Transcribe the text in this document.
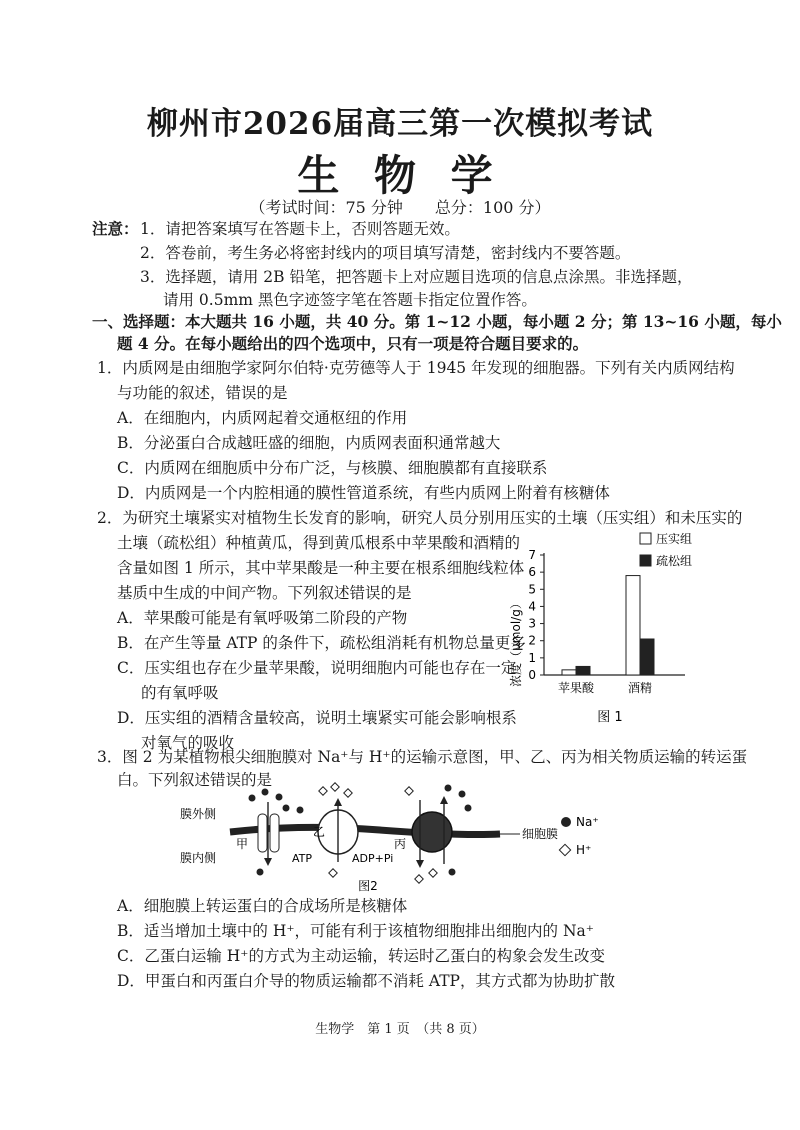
柳州市2026届高三第一次模拟考试
生 物 学
（考试时间：75 分钟　　总分：100 分）
注意： 1．请把答案填写在答题卡上，否则答题无效。
2．答卷前，考生务必将密封线内的项目填写清楚，密封线内不要答题。
3．选择题，请用 2B 铅笔，把答题卡上对应题目选项的信息点涂黑。非选择题，
请用 0.5mm 黑色字迹签字笔在答题卡指定位置作答。
一、选择题：本大题共 16 小题，共 40 分。第 1~12 小题，每小题 2 分；第 13~16 小题，每小
题 4 分。在每小题给出的四个选项中，只有一项是符合题目要求的。
1．内质网是由细胞学家阿尔伯特·克劳德等人于 1945 年发现的细胞器。下列有关内质网结构
与功能的叙述，错误的是
A．在细胞内，内质网起着交通枢纽的作用
B．分泌蛋白合成越旺盛的细胞，内质网表面积通常越大
C．内质网在细胞质中分布广泛，与核膜、细胞膜都有直接联系
D．内质网是一个内腔相通的膜性管道系统，有些内质网上附着有核糖体
2．为研究土壤紧实对植物生长发育的影响，研究人员分别用压实的土壤（压实组）和未压实的
土壤（疏松组）种植黄瓜，得到黄瓜根系中苹果酸和酒精的
含量如图 1 所示，其中苹果酸是一种主要在根系细胞线粒体
基质中生成的中间产物。下列叙述错误的是
A．苹果酸可能是有氧呼吸第二阶段的产物
B．在产生等量 ATP 的条件下，疏松组消耗有机物总量更多
C．压实组也存在少量苹果酸，说明细胞内可能也存在一定
的有氧呼吸
D．压实组的酒精含量较高，说明土壤紧实可能会影响根系
对氧气的吸收
浓度（μmol/g） 0
1
2
3
4
5
6
7
苹果酸	酒精
压实组
疏松组
图 1
3．图 2 为某植物根尖细胞膜对 Na⁺与 H⁺的运输示意图，甲、乙、丙为相关物质运输的转运蛋
白。下列叙述错误的是
膜外侧
膜内侧
细胞膜
甲
乙
ATP	ADP+Pi
丙
Na⁺
H⁺
图2
A．细胞膜上转运蛋白的合成场所是核糖体
B．适当增加土壤中的 H⁺，可能有利于该植物细胞排出细胞内的 Na⁺
C．乙蛋白运输 H⁺的方式为主动运输，转运时乙蛋白的构象会发生改变
D．甲蛋白和丙蛋白介导的物质运输都不消耗 ATP，其方式都为协助扩散
生物学　第 1 页　（共 8 页）
